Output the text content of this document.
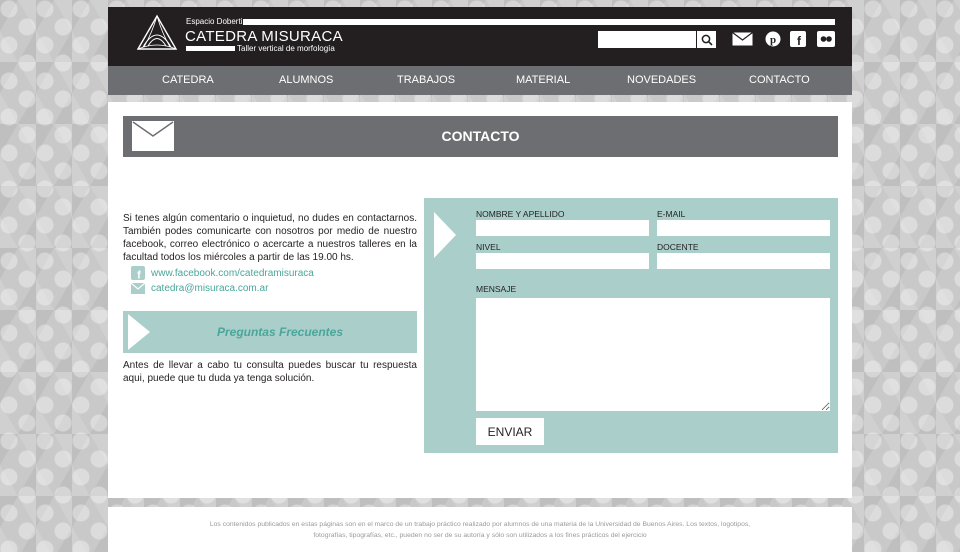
Espacio Doberti
CATEDRA MISURACA
Taller vertical de morfología
p f
CATEDRA	ALUMNOS	TRABAJOS	MATERIAL	NOVEDADES	CONTACTO
CONTACTO
Si tenes algún comentario o inquietud, no dudes en contactarnos. También podes comunicarte con nosotros por medio de nuestro facebook, correo electrónico o acercarte a nuestros talleres en la facultad todos los miércoles a partir de las 19.00 hs.
f www.facebook.com/catedramisuraca
catedra@misuraca.com.ar
Preguntas Frecuentes
Antes de llevar a cabo tu consulta puedes buscar tu respuesta aqui, puede que tu duda ya tenga solución.
NOMBRE Y APELLIDO	E-MAIL
NIVEL	DOCENTE
MENSAJE
ENVIAR
Los contenidos publicados en estas páginas son en el marco de un trabajo práctico realizado por alumnos de una materia de la Universidad de Buenos Aires. Los textos, logotipos,
fotografías, tipografías, etc., pueden no ser de su autoría y sólo son utilizados a los fines prácticos del ejercicio
